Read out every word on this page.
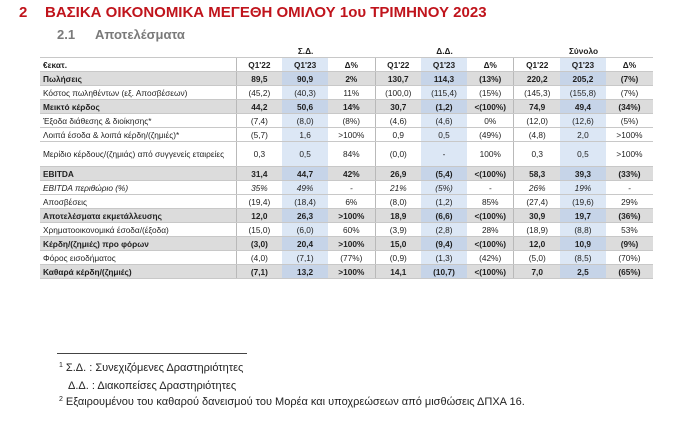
2 ΒΑΣΙΚΑ ΟΙΚΟΝΟΜΙΚΑ ΜΕΓΕΘΗ ΟΜΙΛΟΥ 1ου ΤΡΙΜΗΝΟΥ 2023
2.1 Αποτελέσματα
	Σ.Δ.			Δ.Δ.			Σύνολο		
€εκατ.	Q1'22	Q1'23	Δ%	Q1'22	Q1'23	Δ%	Q1'22	Q1'23	Δ%
Πωλήσεις	89,5	90,9	2%	130,7	114,3	(13%)	220,2	205,2	(7%)
Κόστος πωληθέντων (εξ. Αποσβέσεων)	(45,2)	(40,3)	11%	(100,0)	(115,4)	(15%)	(145,3)	(155,8)	(7%)
Μεικτό κέρδος	44,2	50,6	14%	30,7	(1,2)	<(100%)	74,9	49,4	(34%)
Έξοδα διάθεσης & διοίκησης*	(7,4)	(8,0)	(8%)	(4,6)	(4,6)	0%	(12,0)	(12,6)	(5%)
Λοιπά έσοδα & λοιπά κέρδη/(ζημιές)*	(5,7)	1,6	>100%	0,9	0,5	(49%)	(4,8)	2,0	>100%
Μερίδιο κέρδους/(ζημιάς) από συγγενείς εταιρείες	0,3	0,5	84%	(0,0)	-	100%	0,3	0,5	>100%
EBITDA	31,4	44,7	42%	26,9	(5,4)	<(100%)	58,3	39,3	(33%)
EBITDA περιθώριο (%)	35%	49%	-	21%	(5%)	-	26%	19%	-
Αποσβέσεις	(19,4)	(18,4)	6%	(8,0)	(1,2)	85%	(27,4)	(19,6)	29%
Αποτελέσματα εκμετάλλευσης	12,0	26,3	>100%	18,9	(6,6)	<(100%)	30,9	19,7	(36%)
Χρηματοοικονομικά έσοδα/(έξοδα)	(15,0)	(6,0)	60%	(3,9)	(2,8)	28%	(18,9)	(8,8)	53%
Κέρδη/(ζημιές) προ φόρων	(3,0)	20,4	>100%	15,0	(9,4)	<(100%)	12,0	10,9	(9%)
Φόρος εισοδήματος	(4,0)	(7,1)	(77%)	(0,9)	(1,3)	(42%)	(5,0)	(8,5)	(70%)
Καθαρά κέρδη/(ζημιές)	(7,1)	13,2	>100%	14,1	(10,7)	<(100%)	7,0	2,5	(65%)
$^1$ Σ.Δ. : Συνεχιζόμενες Δραστηριότητες
Δ.Δ. : Διακοπείσες Δραστηριότητες
$^2$ Εξαιρουμένου του καθαρού δανεισμού του Μορέα και υποχρεώσεων από μισθώσεις ΔΠΧΑ 16.
